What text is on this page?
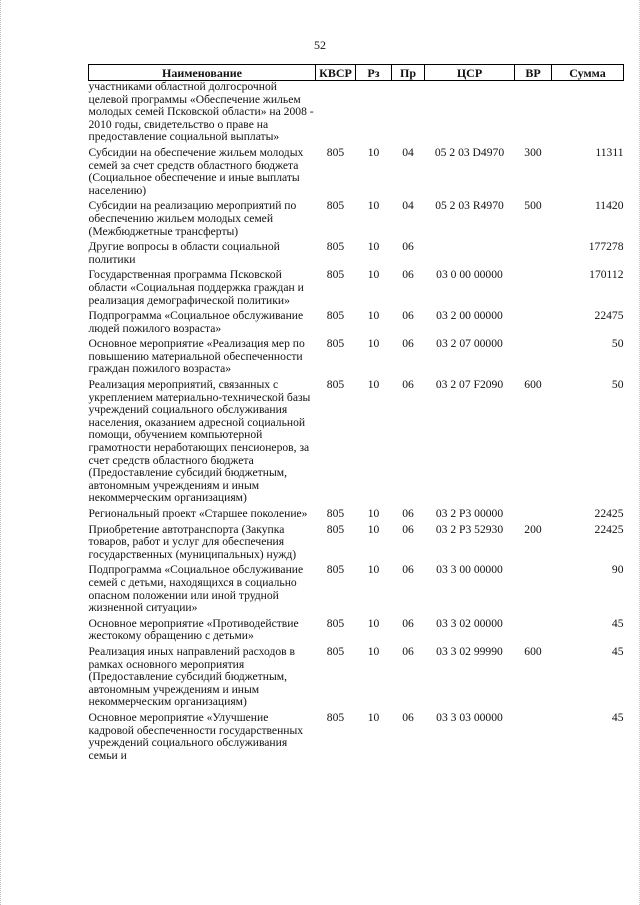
52
Наименование	КВСР	Рз	Пр	ЦСР	ВР	Сумма
участниками областной долгосрочной целевой программы «Обеспечение жильем молодых семей Псковской области» на 2008 - 2010 годы, свидетельство о праве на предоставление социальной выплаты»						
Субсидии на обеспечение жильем молодых семей за счет средств областного бюджета (Социальное обеспечение и иные выплаты населению)	805	10	04	05 2 03 D4970	300	11311
Субсидии на реализацию мероприятий по обеспечению жильем молодых семей (Межбюджетные трансферты)	805	10	04	05 2 03 R4970	500	11420
Другие вопросы в области социальной политики	805	10	06			177278
Государственная программа Псковской области «Социальная поддержка граждан и реализация демографической политики»	805	10	06	03 0 00 00000		170112
Подпрограмма «Социальное обслуживание людей пожилого возраста»	805	10	06	03 2 00 00000		22475
Основное мероприятие «Реализация мер по повышению материальной обеспеченности граждан пожилого возраста»	805	10	06	03 2 07 00000		50
Реализация мероприятий, связанных с укреплением материально-технической базы учреждений социального обслуживания населения, оказанием адресной социальной помощи, обучением компьютерной грамотности неработающих пенсионеров, за счет средств областного бюджета (Предоставление субсидий бюджетным, автономным учреждениям и иным некоммерческим организациям)	805	10	06	03 2 07 F2090	600	50
Региональный проект «Старшее поколение»	805	10	06	03 2 P3 00000		22425
Приобретение автотранспорта (Закупка товаров, работ и услуг для обеспечения государственных (муниципальных) нужд)	805	10	06	03 2 P3 52930	200	22425
Подпрограмма «Социальное обслуживание семей с детьми, находящихся в социально опасном положении или иной трудной жизненной ситуации»	805	10	06	03 3 00 00000		90
Основное мероприятие «Противодействие жестокому обращению с детьми»	805	10	06	03 3 02 00000		45
Реализация иных направлений расходов в рамках основного мероприятия (Предоставление субсидий бюджетным, автономным учреждениям и иным некоммерческим организациям)	805	10	06	03 3 02 99990	600	45
Основное мероприятие «Улучшение кадровой обеспеченности государственных учреждений социального обслуживания семьи и	805	10	06	03 3 03 00000		45
